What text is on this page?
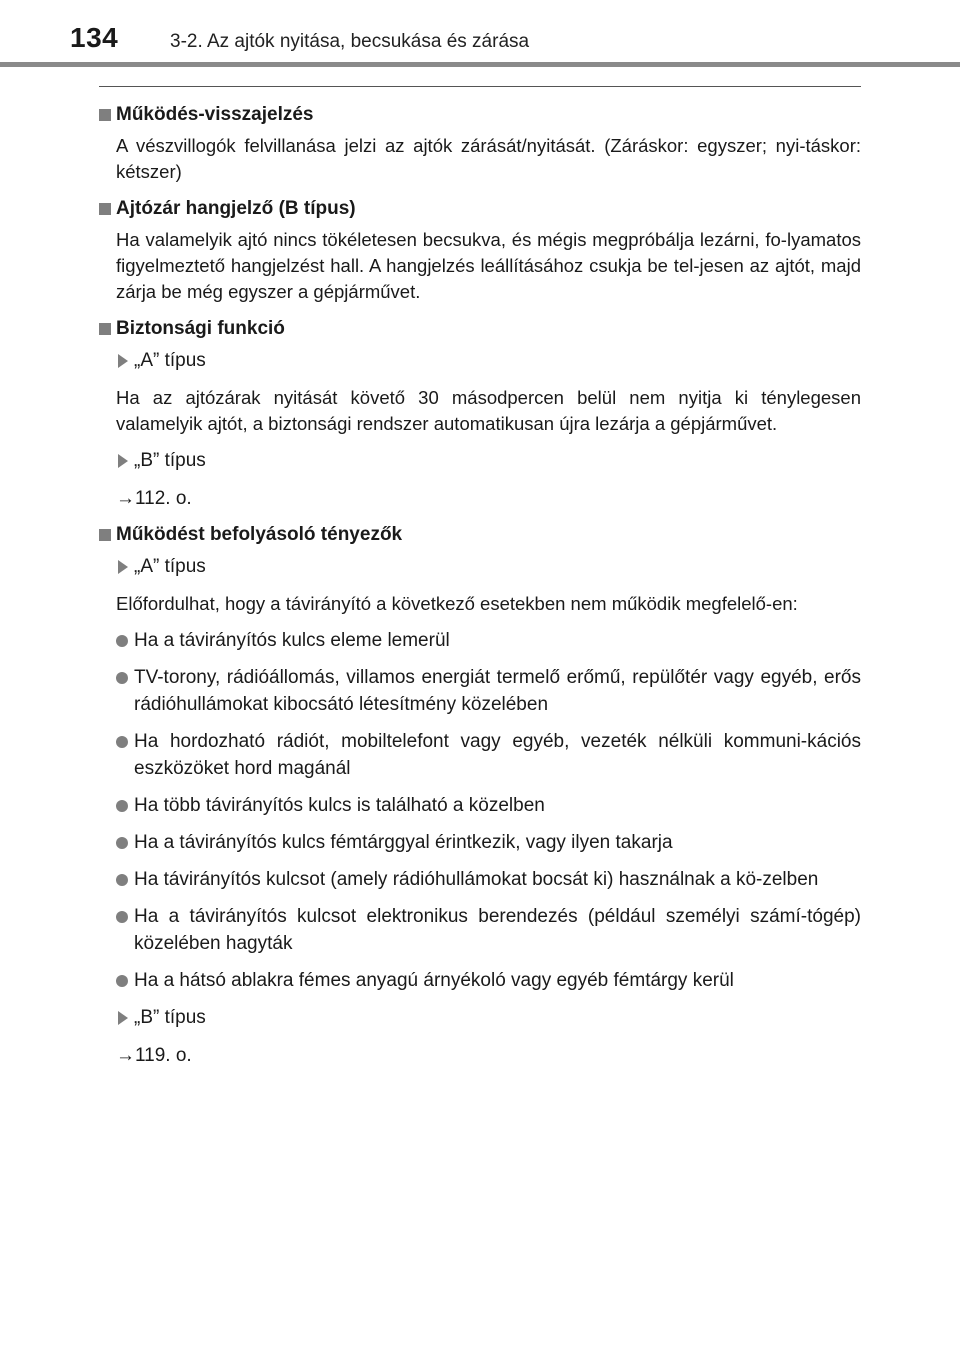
134	3-2. Az ajtók nyitása, becsukása és zárása
Működés-visszajelzés
A vészvillogók felvillanása jelzi az ajtók zárását/nyitását. (Záráskor: egyszer; nyi-táskor: kétszer)
Ajtózár hangjelző (B típus)
Ha valamelyik ajtó nincs tökéletesen becsukva, és mégis megpróbálja lezárni, fo-lyamatos figyelmeztető hangjelzést hall. A hangjelzés leállításához csukja be tel-jesen az ajtót, majd zárja be még egyszer a gépjárművet.
Biztonsági funkció
„A” típus
Ha az ajtózárak nyitását követő 30 másodpercen belül nem nyitja ki ténylegesen valamelyik ajtót, a biztonsági rendszer automatikusan újra lezárja a gépjárművet.
„B” típus
→112. o.
Működést befolyásoló tényezők
„A” típus
Előfordulhat, hogy a távirányító a következő esetekben nem működik megfelelő-en:
Ha a távirányítós kulcs eleme lemerül
TV-torony, rádióállomás, villamos energiát termelő erőmű, repülőtér vagy egyéb, erős rádióhullámokat kibocsátó létesítmény közelében
Ha hordozható rádiót, mobiltelefont vagy egyéb, vezeték nélküli kommuni-kációs eszközöket hord magánál
Ha több távirányítós kulcs is található a közelben
Ha a távirányítós kulcs fémtárggyal érintkezik, vagy ilyen takarja
Ha távirányítós kulcsot (amely rádióhullámokat bocsát ki) használnak a kö-zelben
Ha a távirányítós kulcsot elektronikus berendezés (például személyi számí-tógép) közelében hagyták
Ha a hátsó ablakra fémes anyagú árnyékoló vagy egyéb fémtárgy kerül
„B” típus
→119. o.
